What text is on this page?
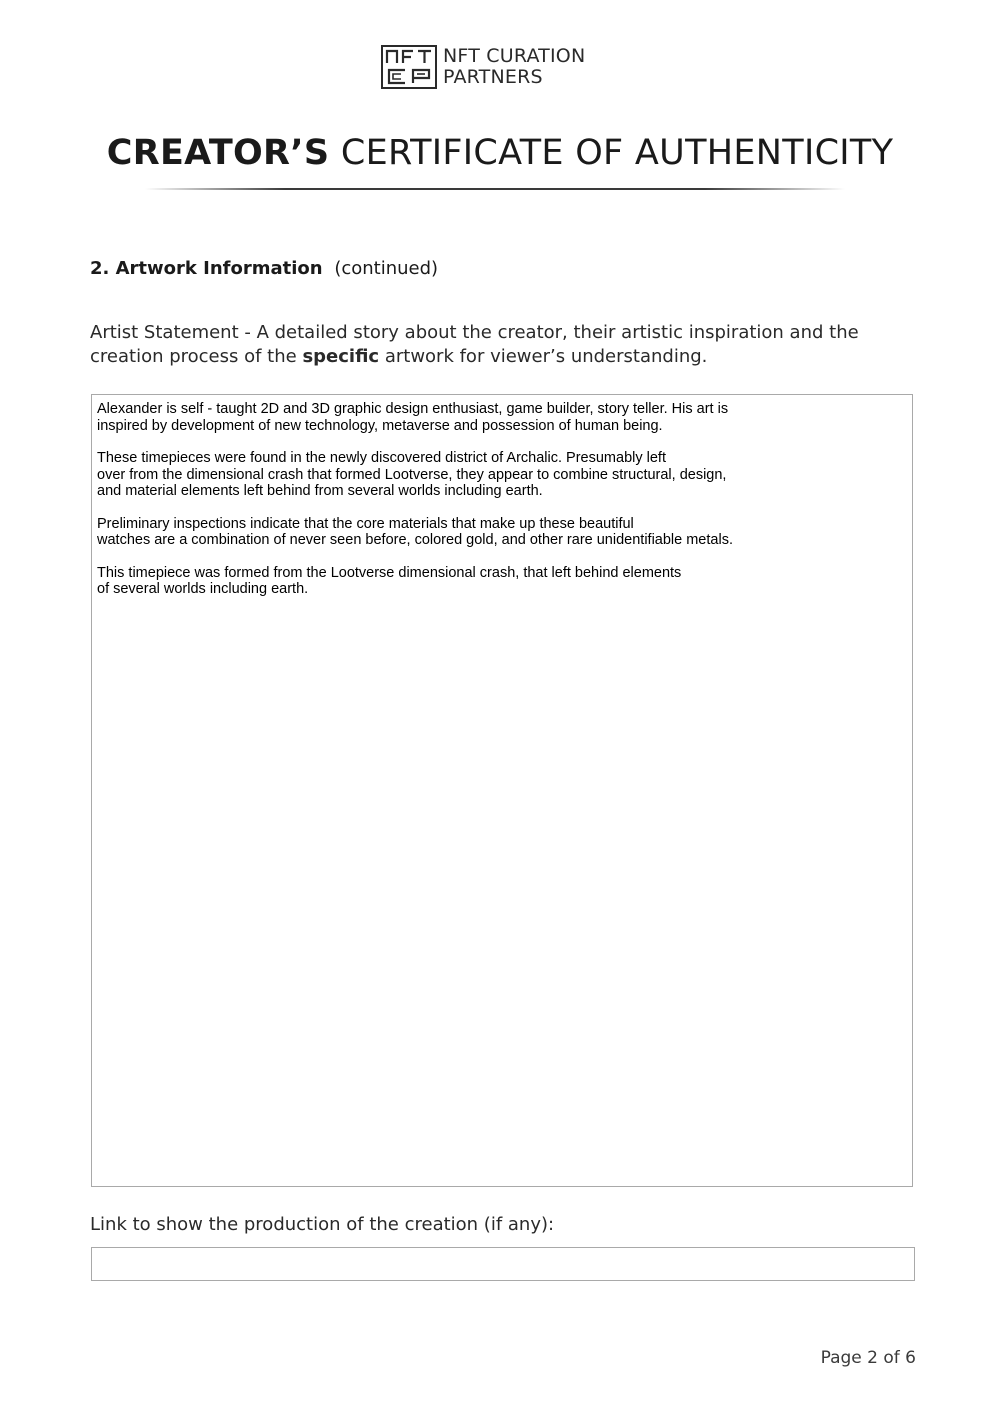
NFT CURATION
PARTNERS
CREATOR’S CERTIFICATE OF AUTHENTICITY
2. Artwork Information (continued)
Artist Statement - A detailed story about the creator, their artistic inspiration and the creation process of the specific artwork for viewer’s understanding.

Alexander is self - taught 2D and 3D graphic design enthusiast, game builder, story teller. His art is
inspired by development of new technology, metaverse and possession of human being.

These timepieces were found in the newly discovered district of Archalic. Presumably left
over from the dimensional crash that formed Lootverse, they appear to combine structural, design,
and material elements left behind from several worlds including earth.

Preliminary inspections indicate that the core materials that make up these beautiful
watches are a combination of never seen before, colored gold, and other rare unidentifiable metals.

This timepiece was formed from the Lootverse dimensional crash, that left behind elements
of several worlds including earth.

Link to show the production of the creation (if any):
Page 2 of 6
